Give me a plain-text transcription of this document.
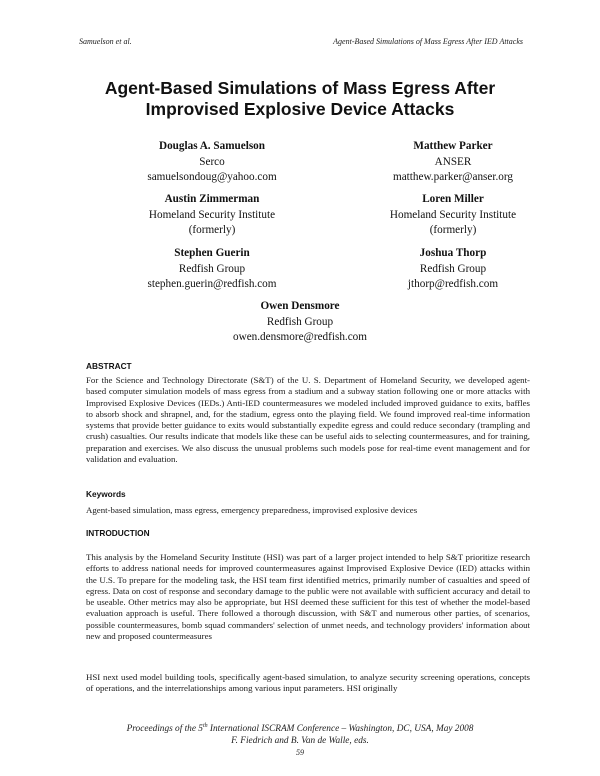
Samuelson et al.	Agent-Based Simulations of Mass Egress After IED Attacks
Agent-Based Simulations of Mass Egress After
Improvised Explosive Device Attacks
Douglas A. Samuelson
Serco
samuelsondoug@yahoo.com
Matthew Parker
ANSER
matthew.parker@anser.org
Austin Zimmerman
Homeland Security Institute
(formerly)
Loren Miller
Homeland Security Institute
(formerly)
Stephen Guerin
Redfish Group
stephen.guerin@redfish.com
Joshua Thorp
Redfish Group
jthorp@redfish.com
Owen Densmore
Redfish Group
owen.densmore@redfish.com
ABSTRACT
For the Science and Technology Directorate (S&T) of the U. S. Department of Homeland Security, we developed agent-based computer simulation models of mass egress from a stadium and a subway station following one or more attacks with Improvised Explosive Devices (IEDs.) Anti-IED countermeasures we modeled included improved guidance to exits, baffles to absorb shock and shrapnel, and, for the stadium, egress onto the playing field. We found improved real-time information systems that provide better guidance to exits would substantially expedite egress and could reduce secondary (trampling and crush) casualties. Our results indicate that models like these can be useful aids to selecting countermeasures, and for training, preparation and exercises. We also discuss the unusual problems such models pose for real-time event management and for validation and evaluation.
Keywords
Agent-based simulation, mass egress, emergency preparedness, improvised explosive devices
INTRODUCTION
This analysis by the Homeland Security Institute (HSI) was part of a larger project intended to help S&T prioritize research efforts to address national needs for improved countermeasures against Improvised Explosive Device (IED) attacks within the U.S. To prepare for the modeling task, the HSI team first identified metrics, primarily number of casualties and speed of egress. Data on cost of response and secondary damage to the public were not available with sufficient accuracy and detail to be useable. Other metrics may also be appropriate, but HSI deemed these sufficient for this test of whether the model-based evaluation approach is useful. There followed a thorough discussion, with S&T and numerous other parties, of scenarios, possible countermeasures, bomb squad commanders' selection of unmet needs, and technology providers' information about new and proposed countermeasures
HSI next used model building tools, specifically agent-based simulation, to analyze security screening operations, concepts of operations, and the interrelationships among various input parameters. HSI originally
Proceedings of the 5th International ISCRAM Conference – Washington, DC, USA, May 2008
F. Fiedrich and B. Van de Walle, eds.
59
